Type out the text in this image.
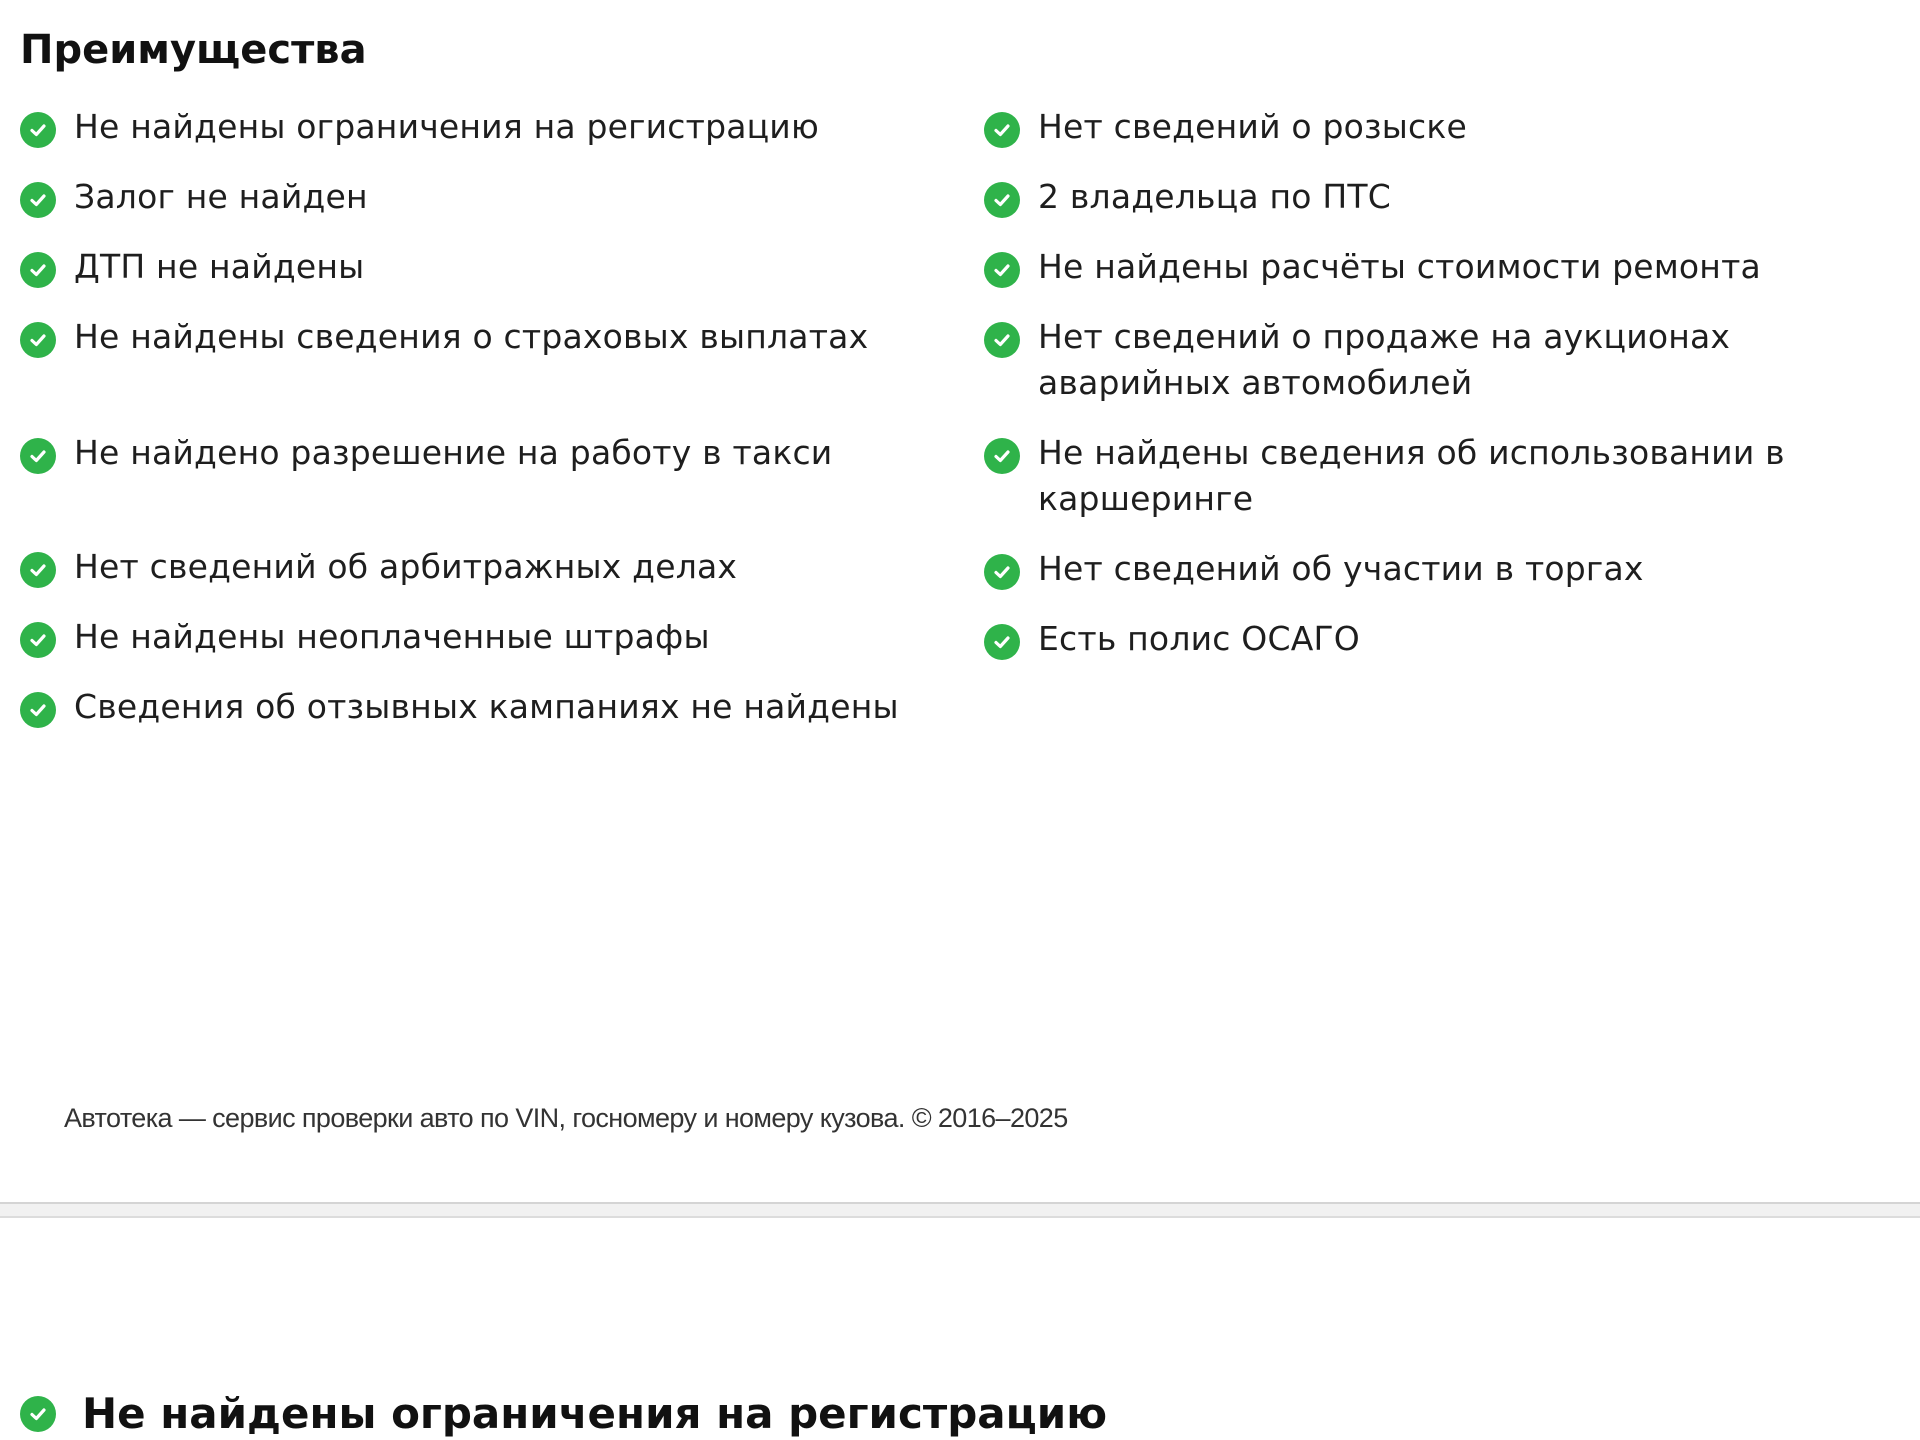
Преимущества
Не найдены ограничения на регистрацию
Залог не найден
ДТП не найдены
Не найдены сведения о страховых выплатах
Не найдено разрешение на работу в такси
Нет сведений об арбитражных делах
Не найдены неоплаченные штрафы
Сведения об отзывных кампаниях не найдены
Нет сведений о розыске
2 владельца по ПТС
Не найдены расчёты стоимости ремонта
Нет сведений о продаже на аукционах аварийных автомобилей
Не найдены сведения об использовании в каршеринге
Нет сведений об участии в торгах
Есть полис ОСАГО

Автотека — сервис проверки авто по VIN, госномеру и номеру кузова. © 2016–2025

Не найдены ограничения на регистрацию
